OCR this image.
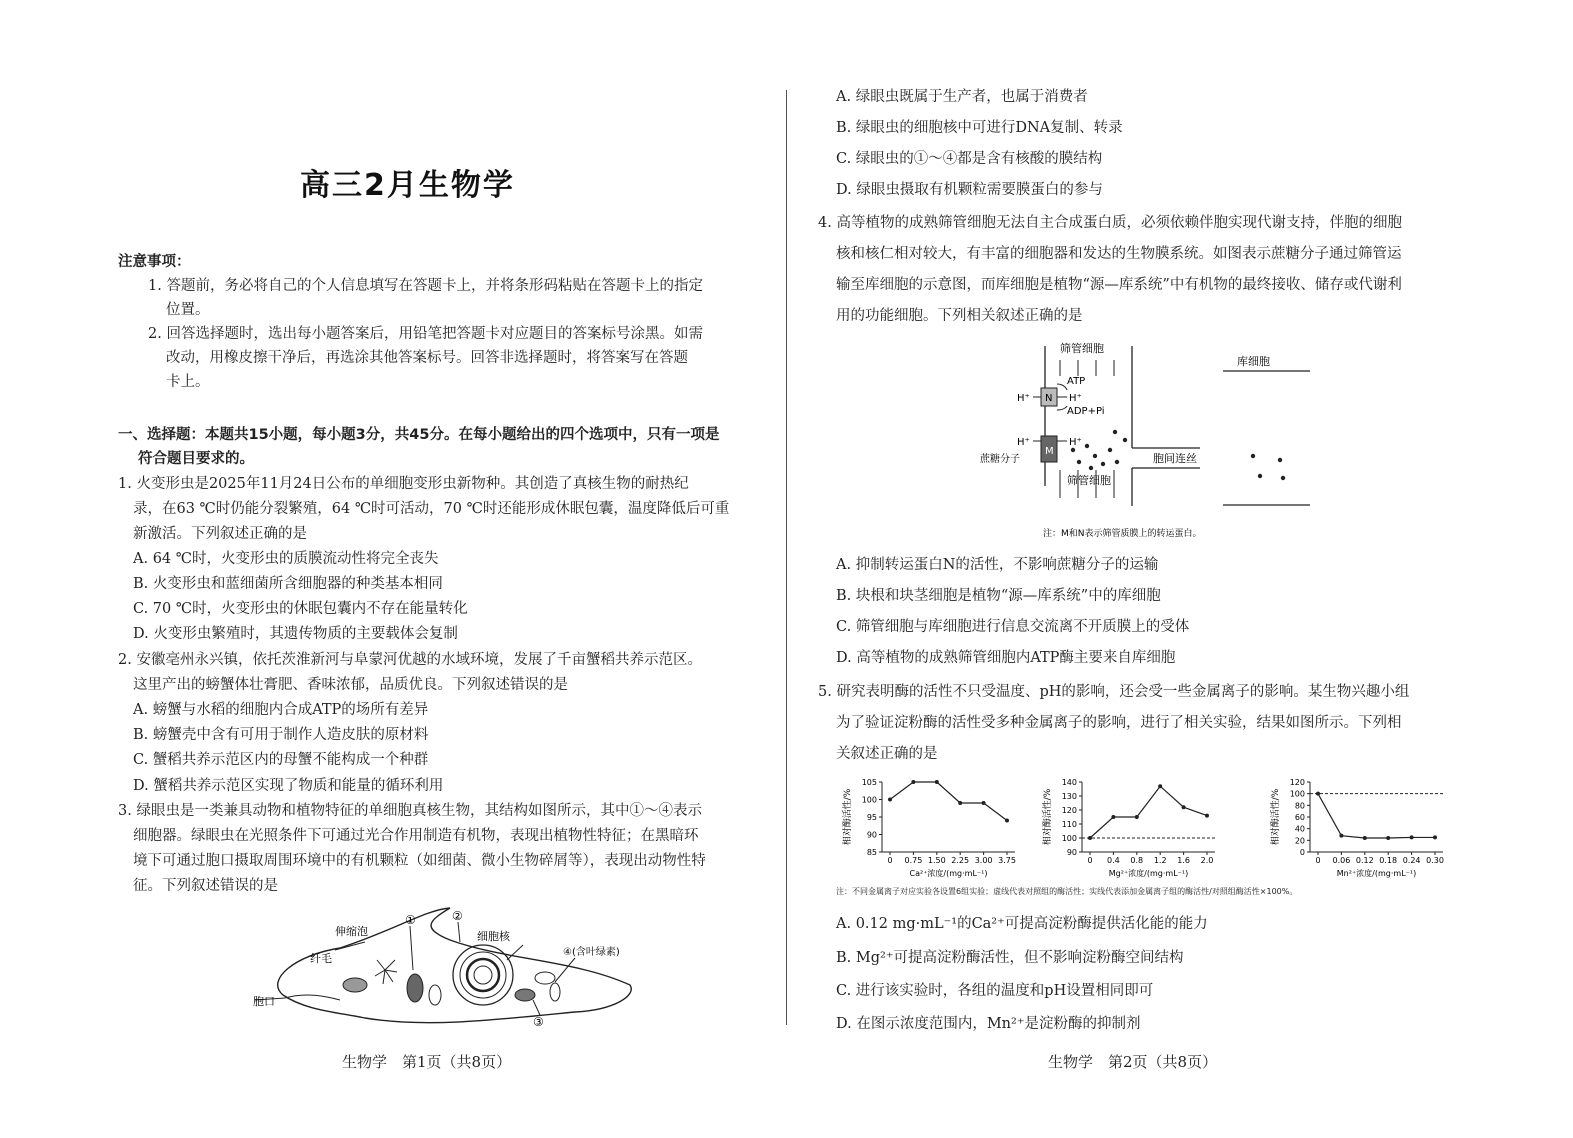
高三2月生物学
注意事项：
1. 答题前，务必将自己的个人信息填写在答题卡上，并将条形码粘贴在答题卡上的指定
位置。
2. 回答选择题时，选出每小题答案后，用铅笔把答题卡对应题目的答案标号涂黑。如需
改动，用橡皮擦干净后，再选涂其他答案标号。回答非选择题时，将答案写在答题
卡上。
一、选择题：本题共15小题，每小题3分，共45分。在每小题给出的四个选项中，只有一项是
符合题目要求的。
1. 火变形虫是2025年11月24日公布的单细胞变形虫新物种。其创造了真核生物的耐热纪
录，在63 ℃时仍能分裂繁殖，64 ℃时可活动，70 ℃时还能形成休眠包囊，温度降低后可重
新激活。下列叙述正确的是
A. 64 ℃时，火变形虫的质膜流动性将完全丧失
B. 火变形虫和蓝细菌所含细胞器的种类基本相同
C. 70 ℃时，火变形虫的休眠包囊内不存在能量转化
D. 火变形虫繁殖时，其遗传物质的主要载体会复制
2. 安徽亳州永兴镇，依托茨淮新河与阜蒙河优越的水域环境，发展了千亩蟹稻共养示范区。
这里产出的螃蟹体壮膏肥、香味浓郁，品质优良。下列叙述错误的是
A. 螃蟹与水稻的细胞内合成ATP的场所有差异
B. 螃蟹壳中含有可用于制作人造皮肤的原材料
C. 蟹稻共养示范区内的母蟹不能构成一个种群
D. 蟹稻共养示范区实现了物质和能量的循环利用
3. 绿眼虫是一类兼具动物和植物特征的单细胞真核生物，其结构如图所示，其中①～④表示
细胞器。绿眼虫在光照条件下可通过光合作用制造有机物，表现出植物性特征；在黑暗环
境下可通过胞口摄取周围环境中的有机颗粒（如细菌、微小生物碎屑等），表现出动物性特
征。下列叙述错误的是
伸缩泡
纤毛
胞口
①	②
细胞核
③
④(含叶绿素)
生物学　第1页（共8页）
A. 绿眼虫既属于生产者，也属于消费者
B. 绿眼虫的细胞核中可进行DNA复制、转录
C. 绿眼虫的①～④都是含有核酸的膜结构
D. 绿眼虫摄取有机颗粒需要膜蛋白的参与
4. 高等植物的成熟筛管细胞无法自主合成蛋白质，必须依赖伴胞实现代谢支持，伴胞的细胞
核和核仁相对较大，有丰富的细胞器和发达的生物膜系统。如图表示蔗糖分子通过筛管运
输至库细胞的示意图，而库细胞是植物“源—库系统”中有机物的最终接收、储存或代谢利
用的功能细胞。下列相关叙述正确的是
筛管细胞
库细胞
ATP
ADP+Pi
N
M
H⁺	H⁺
H⁺	H⁺
蔗糖分子
筛管细胞
胞间连丝
注：M和N表示筛管质膜上的转运蛋白。
A. 抑制转运蛋白N的活性，不影响蔗糖分子的运输
B. 块根和块茎细胞是植物“源—库系统”中的库细胞
C. 筛管细胞与库细胞进行信息交流离不开质膜上的受体
D. 高等植物的成熟筛管细胞内ATP酶主要来自库细胞
5. 研究表明酶的活性不只受温度、pH的影响，还会受一些金属离子的影响。某生物兴趣小组
为了验证淀粉酶的活性受多种金属离子的影响，进行了相关实验，结果如图所示。下列相
关叙述正确的是
85
90
95
100
105
0 0.75 1.50 2.25 3.00 3.75
Ca²⁺浓度/(mg·mL⁻¹)
相对酶活性/%
90
100
110
120
130
140
0 0.4 0.8 1.2 1.6 2.0
Mg²⁺浓度/(mg·mL⁻¹)
相对酶活性/%
0
20
40
60
80
100
120
0 0.06 0.12 0.18 0.24 0.30
Mn²⁺浓度/(mg·mL⁻¹)
相对酶活性/%
注：不同金属离子对应实验各设置6组实验；虚线代表对照组的酶活性；实线代表添加金属离子组的酶活性/对照组酶活性×100%。
A. 0.12 mg·mL⁻¹的Ca²⁺可提高淀粉酶提供活化能的能力
B. Mg²⁺可提高淀粉酶活性，但不影响淀粉酶空间结构
C. 进行该实验时，各组的温度和pH设置相同即可
D. 在图示浓度范围内，Mn²⁺是淀粉酶的抑制剂
生物学　第2页（共8页）
